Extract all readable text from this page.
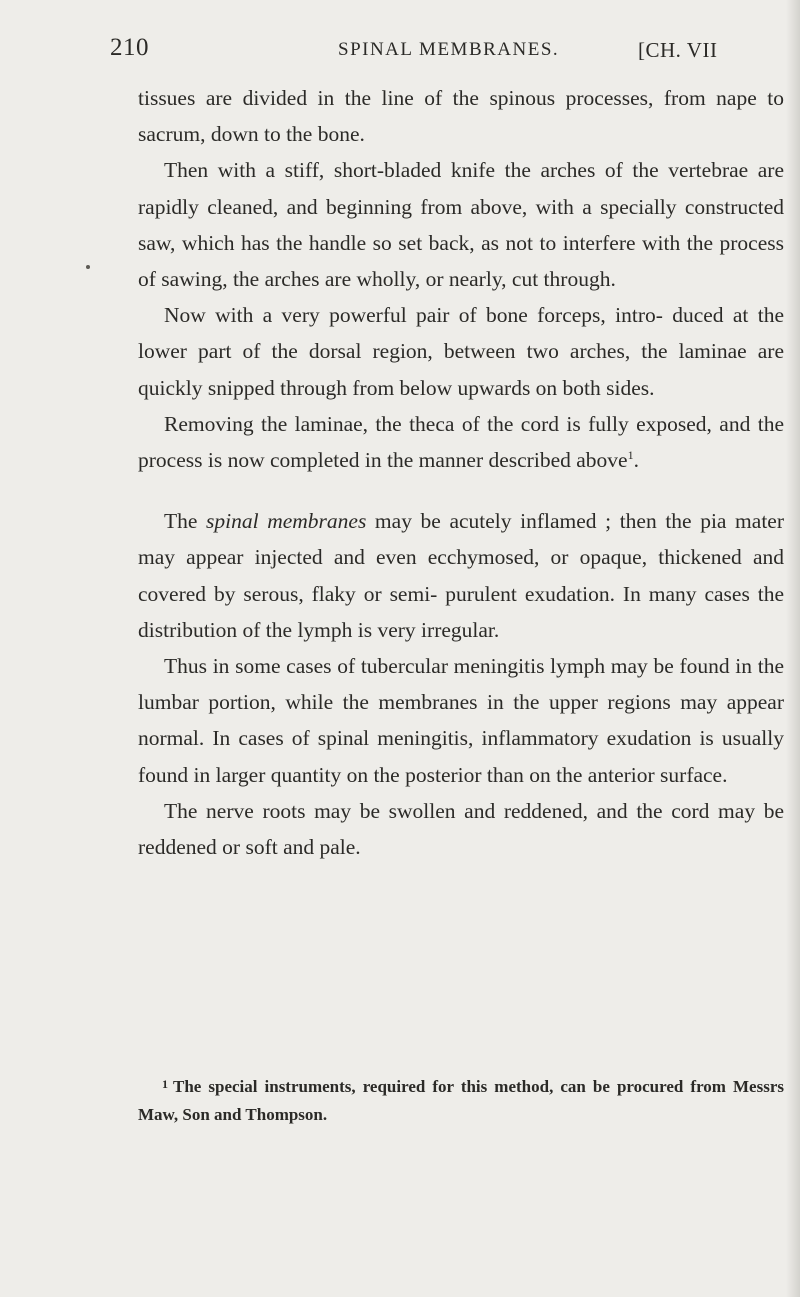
210	SPINAL MEMBRANES.	[CH. VII

tissues are divided in the line of the spinous processes, from nape to sacrum, down to the bone.

Then with a stiff, short-bladed knife the arches of the vertebrae are rapidly cleaned, and beginning from above, with a specially constructed saw, which has the handle so set back, as not to interfere with the process of sawing, the arches are wholly, or nearly, cut through.

Now with a very powerful pair of bone forceps, intro- duced at the lower part of the dorsal region, between two arches, the laminae are quickly snipped through from below upwards on both sides.

Removing the laminae, the theca of the cord is fully exposed, and the process is now completed in the manner described above$^1$.

The spinal membranes may be acutely inflamed ; then the pia mater may appear injected and even ecchymosed, or opaque, thickened and covered by serous, flaky or semi- purulent exudation. In many cases the distribution of the lymph is very irregular.

Thus in some cases of tubercular meningitis lymph may be found in the lumbar portion, while the membranes in the upper regions may appear normal. In cases of spinal meningitis, inflammatory exudation is usually found in larger quantity on the posterior than on the anterior surface.

The nerve roots may be swollen and reddened, and the cord may be reddened or soft and pale.

$^1$ The special instruments, required for this method, can be procured from Messrs Maw, Son and Thompson.
